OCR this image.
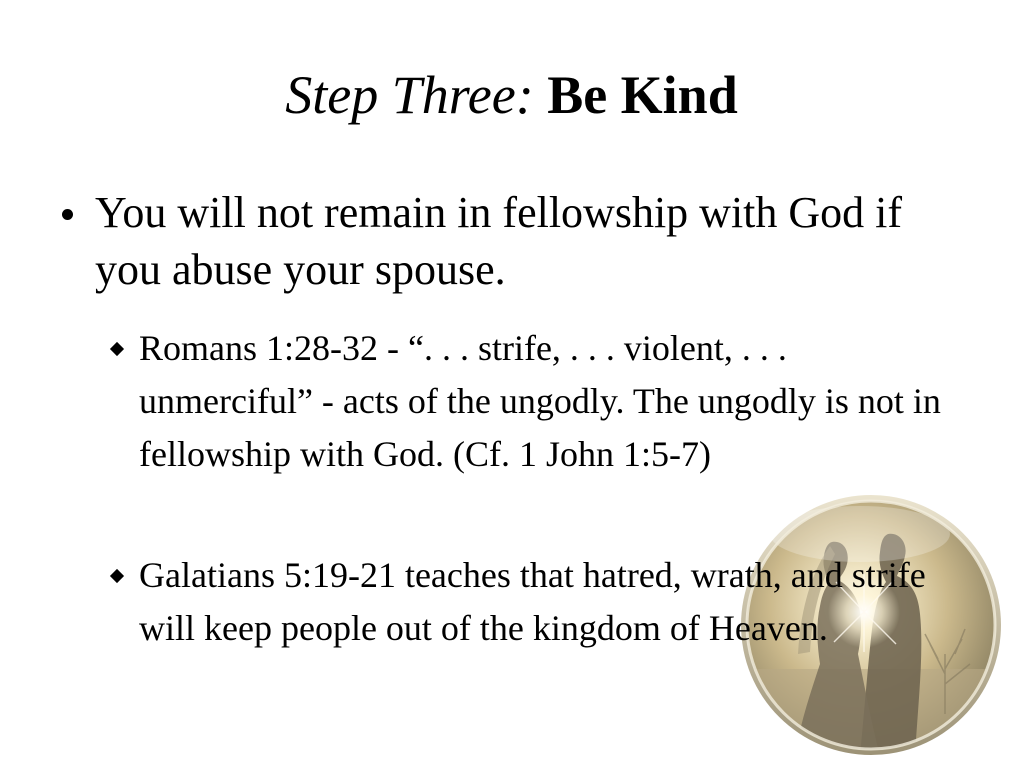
Step Three: Be Kind
You will not remain in fellowship with God if you abuse your spouse.
Romans 1:28-32 - “. . . strife, . . . violent, . . . unmerciful” - acts of the ungodly. The ungodly is not in fellowship with God. (Cf. 1 John 1:5-7)
Galatians 5:19-21 teaches that hatred, wrath, and strife will keep people out of the kingdom of Heaven.
